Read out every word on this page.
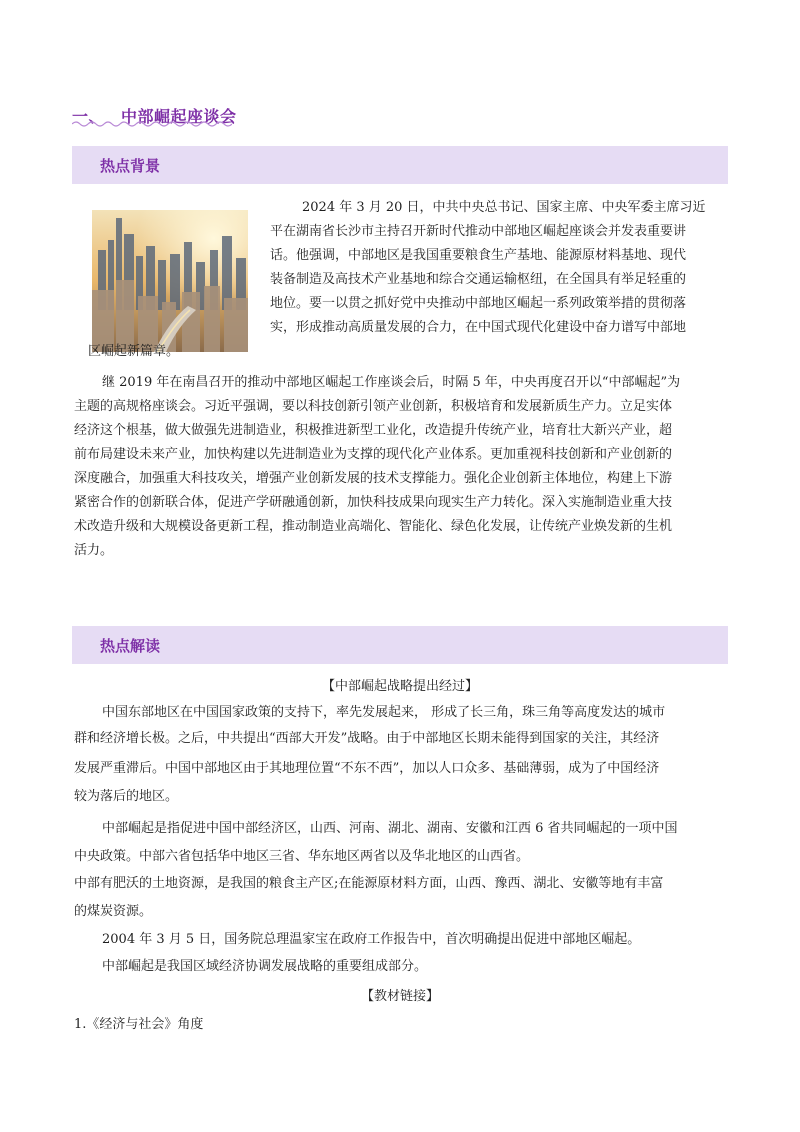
一、 中部崛起座谈会
热点背景
2024 年 3 月 20 日，中共中央总书记、国家主席、中央军委主席习近
平在湖南省长沙市主持召开新时代推动中部地区崛起座谈会并发表重要讲
话。他强调，中部地区是我国重要粮食生产基地、能源原材料基地、现代
装备制造及高技术产业基地和综合交通运输枢纽，在全国具有举足轻重的
地位。要一以贯之抓好党中央推动中部地区崛起一系列政策举措的贯彻落
实，形成推动高质量发展的合力，在中国式现代化建设中奋力谱写中部地
区崛起新篇章。
继 2019 年在南昌召开的推动中部地区崛起工作座谈会后，时隔 5 年，中央再度召开以“中部崛起”为
主题的高规格座谈会。习近平强调，要以科技创新引领产业创新，积极培育和发展新质生产力。立足实体
经济这个根基，做大做强先进制造业，积极推进新型工业化，改造提升传统产业，培育壮大新兴产业，超
前布局建设未来产业，加快构建以先进制造业为支撑的现代化产业体系。更加重视科技创新和产业创新的
深度融合，加强重大科技攻关，增强产业创新发展的技术支撑能力。强化企业创新主体地位，构建上下游
紧密合作的创新联合体，促进产学研融通创新，加快科技成果向现实生产力转化。深入实施制造业重大技
术改造升级和大规模设备更新工程，推动制造业高端化、智能化、绿色化发展，让传统产业焕发新的生机
活力。
热点解读
【中部崛起战略提出经过】
中国东部地区在中国国家政策的支持下，率先发展起来， 形成了长三角，珠三角等高度发达的城市
群和经济增长极。之后，中共提出“西部大开发”战略。由于中部地区长期未能得到国家的关注，其经济
发展严重滞后。中国中部地区由于其地理位置“不东不西”，加以人口众多、基础薄弱，成为了中国经济
较为落后的地区。
中部崛起是指促进中国中部经济区，山西、河南、湖北、湖南、安徽和江西 6 省共同崛起的一项中国
中央政策。中部六省包括华中地区三省、华东地区两省以及华北地区的山西省。
中部有肥沃的土地资源，是我国的粮食主产区;在能源原材料方面，山西、豫西、湖北、安徽等地有丰富
的煤炭资源。
2004 年 3 月 5 日，国务院总理温家宝在政府工作报告中，首次明确提出促进中部地区崛起。
中部崛起是我国区域经济协调发展战略的重要组成部分。
【教材链接】
1.《经济与社会》角度
